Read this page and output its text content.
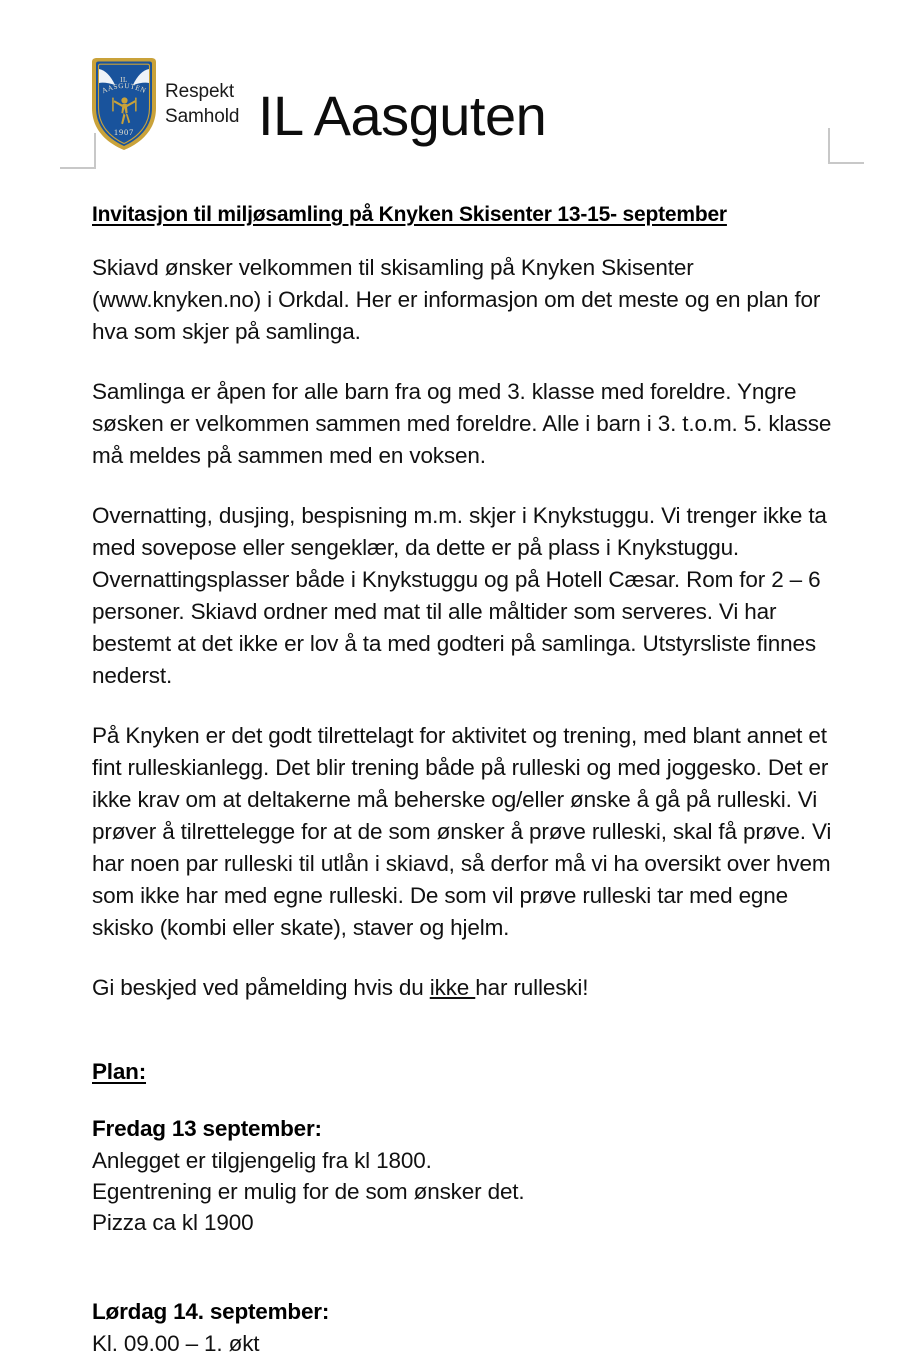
IL
AASGUTEN
1907
Respekt Samhold IL Aasguten
Invitasjon til miljøsamling på Knyken Skisenter 13-15- september

Skiavd ønsker velkommen til skisamling på Knyken Skisenter (www.knyken.no) i Orkdal. Her er informasjon om det meste og en plan for hva som skjer på samlinga.

Samlinga er åpen for alle barn fra og med 3. klasse med foreldre. Yngre søsken er velkommen sammen med foreldre. Alle i barn i 3. t.o.m. 5. klasse må meldes på sammen med en voksen.

Overnatting, dusjing, bespisning m.m. skjer i Knykstuggu. Vi trenger ikke ta med sovepose eller sengeklær, da dette er på plass i Knykstuggu. Overnattingsplasser både i Knykstuggu og på Hotell Cæsar. Rom for 2 – 6 personer. Skiavd ordner med mat til alle måltider som serveres. Vi har bestemt at det ikke er lov å ta med godteri på samlinga. Utstyrsliste finnes nederst.

På Knyken er det godt tilrettelagt for aktivitet og trening, med blant annet et fint rulleskianlegg. Det blir trening både på rulleski og med joggesko. Det er ikke krav om at deltakerne må beherske og/eller ønske å gå på rulleski. Vi prøver å tilrettelegge for at de som ønsker å prøve rulleski, skal få prøve. Vi har noen par rulleski til utlån i skiavd, så derfor må vi ha oversikt over hvem som ikke har med egne rulleski. De som vil prøve rulleski tar med egne skisko (kombi eller skate), staver og hjelm.

Gi beskjed ved påmelding hvis du ikke har rulleski!

Plan:

Fredag 13 september:

Anlegget er tilgjengelig fra kl 1800.

Egentrening er mulig for de som ønsker det.

Pizza ca kl 1900

Lørdag 14. september:

Kl. 09.00 – 1. økt
